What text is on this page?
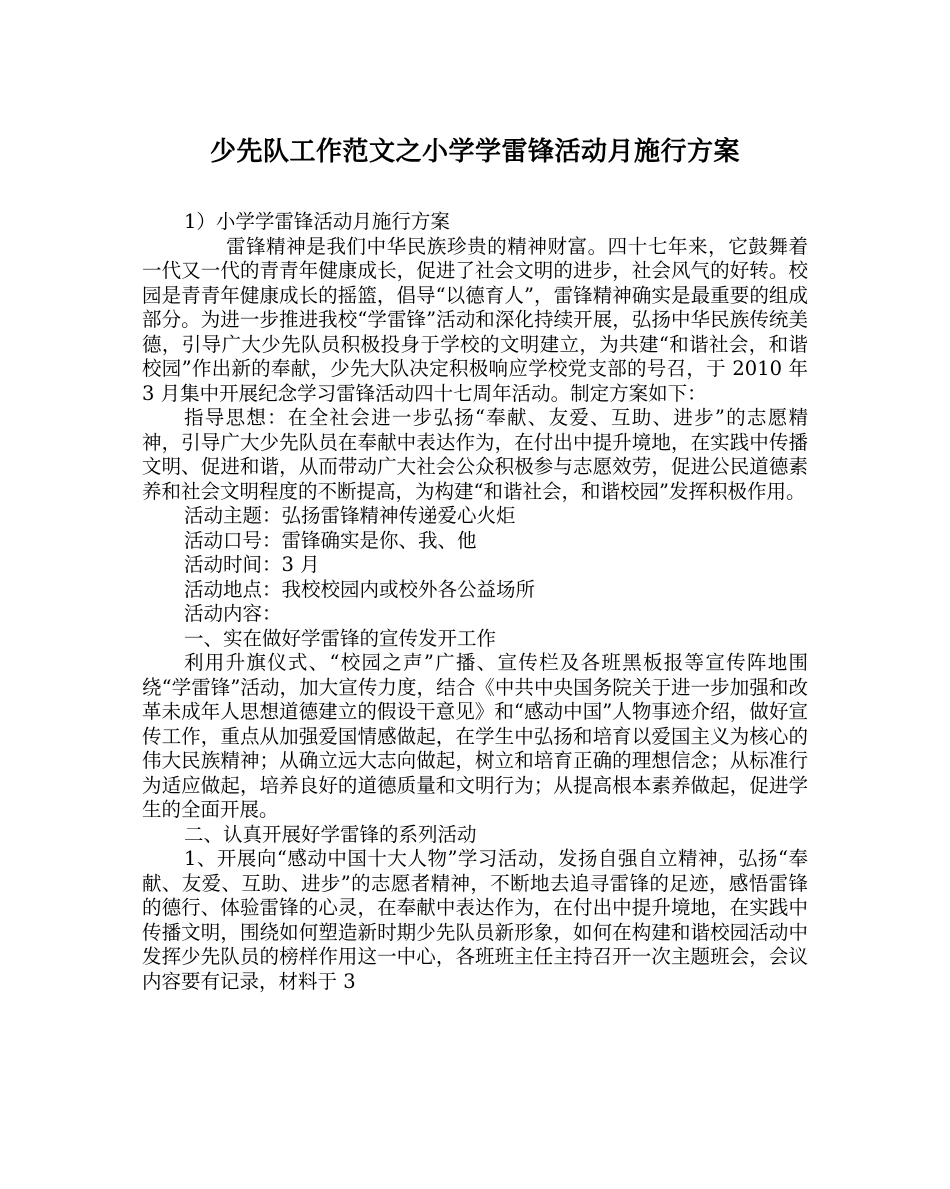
少先队工作范文之小学学雷锋活动月施行方案

1）小学学雷锋活动月施行方案

雷锋精神是我们中华民族珍贵的精神财富。四十七年来，它鼓舞着一代又一代的青青年健康成长，促进了社会文明的进步，社会风气的好转。校园是青青年健康成长的摇篮，倡导“以德育人”，雷锋精神确实是最重要的组成部分。为进一步推进我校“学雷锋”活动和深化持续开展，弘扬中华民族传统美德，引导广大少先队员积极投身于学校的文明建立，为共建“和谐社会，和谐校园”作出新的奉献，少先大队决定积极响应学校党支部的号召，于 2010 年 3 月集中开展纪念学习雷锋活动四十七周年活动。制定方案如下：

指导思想：在全社会进一步弘扬“奉献、友爱、互助、进步”的志愿精神，引导广大少先队员在奉献中表达作为，在付出中提升境地，在实践中传播文明、促进和谐，从而带动广大社会公众积极参与志愿效劳，促进公民道德素养和社会文明程度的不断提高，为构建“和谐社会，和谐校园”发挥积极作用。

活动主题：弘扬雷锋精神传递爱心火炬

活动口号：雷锋确实是你、我、他

活动时间：3 月

活动地点：我校校园内或校外各公益场所

活动内容：

一、实在做好学雷锋的宣传发开工作

利用升旗仪式、“校园之声”广播、宣传栏及各班黑板报等宣传阵地围绕“学雷锋”活动，加大宣传力度，结合《中共中央国务院关于进一步加强和改革未成年人思想道德建立的假设干意见》和“感动中国”人物事迹介绍，做好宣传工作，重点从加强爱国情感做起，在学生中弘扬和培育以爱国主义为核心的伟大民族精神；从确立远大志向做起，树立和培育正确的理想信念；从标准行为适应做起，培养良好的道德质量和文明行为；从提高根本素养做起，促进学生的全面开展。

二、认真开展好学雷锋的系列活动

1、开展向“感动中国十大人物”学习活动，发扬自强自立精神，弘扬“奉献、友爱、互助、进步”的志愿者精神，不断地去追寻雷锋的足迹，感悟雷锋的德行、体验雷锋的心灵，在奉献中表达作为，在付出中提升境地，在实践中传播文明，围绕如何塑造新时期少先队员新形象，如何在构建和谐校园活动中发挥少先队员的榜样作用这一中心，各班班主任主持召开一次主题班会，会议内容要有记录，材料于 3
